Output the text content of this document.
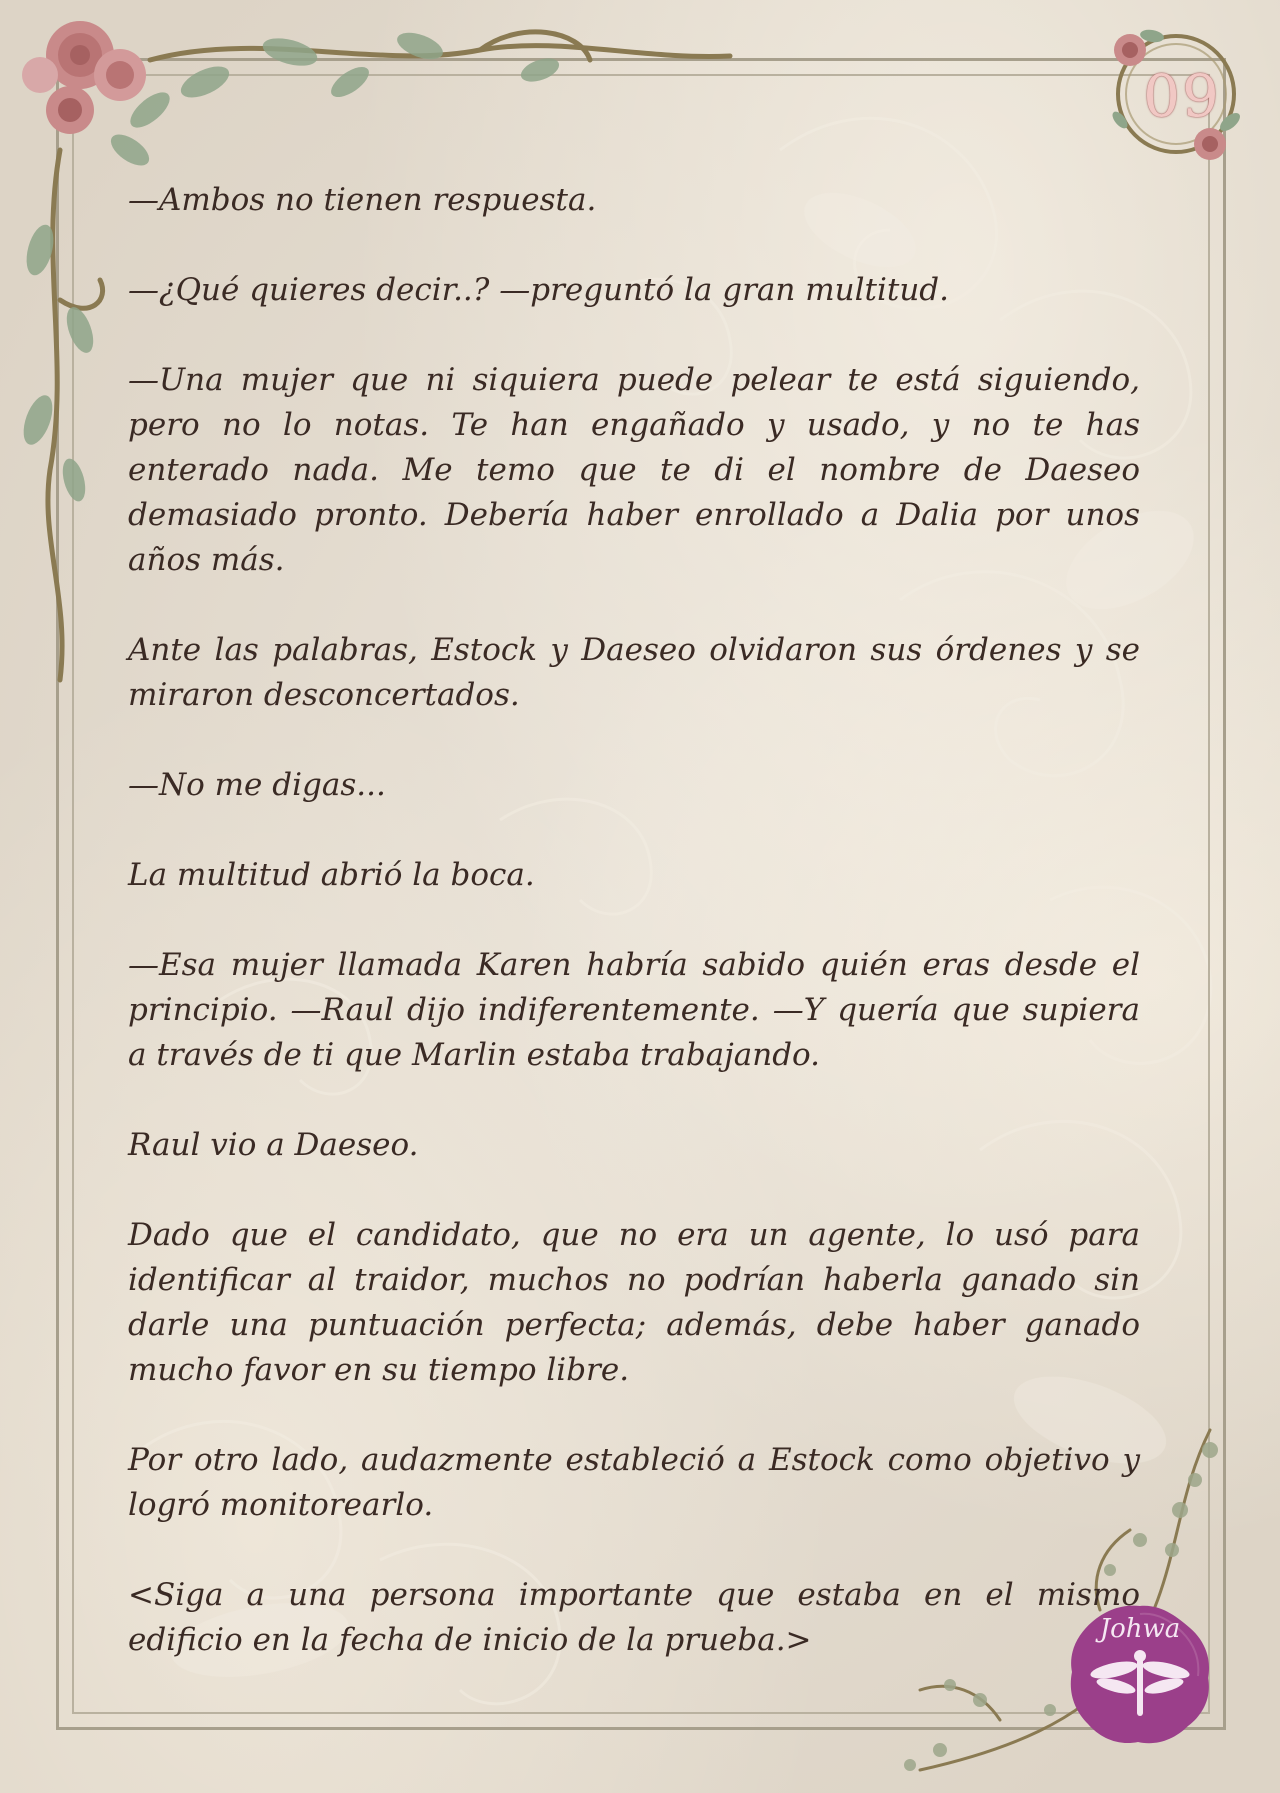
09
Johwa

—Ambos no tienen respuesta.

—¿Qué quieres decir..? —preguntó la gran multitud.

—Una mujer que ni siquiera puede pelear te está siguiendo, pero no lo notas. Te han engañado y usado, y no te has enterado nada. Me temo que te di el nombre de Daeseo demasiado pronto. Debería haber enrollado a Dalia por unos años más.

Ante las palabras, Estock y Daeseo olvidaron sus órdenes y se miraron desconcertados.

—No me digas...

La multitud abrió la boca.

—Esa mujer llamada Karen habría sabido quién eras desde el principio. —Raul dijo indiferentemente. —Y quería que supiera a través de ti que Marlin estaba trabajando.

Raul vio a Daeseo.

Dado que el candidato, que no era un agente, lo usó para identificar al traidor, muchos no podrían haberla ganado sin darle una puntuación perfecta; además, debe haber ganado mucho favor en su tiempo libre.

Por otro lado, audazmente estableció a Estock como objetivo y logró monitorearlo.

<Siga a una persona importante que estaba en el mismo edificio en la fecha de inicio de la prueba.>
